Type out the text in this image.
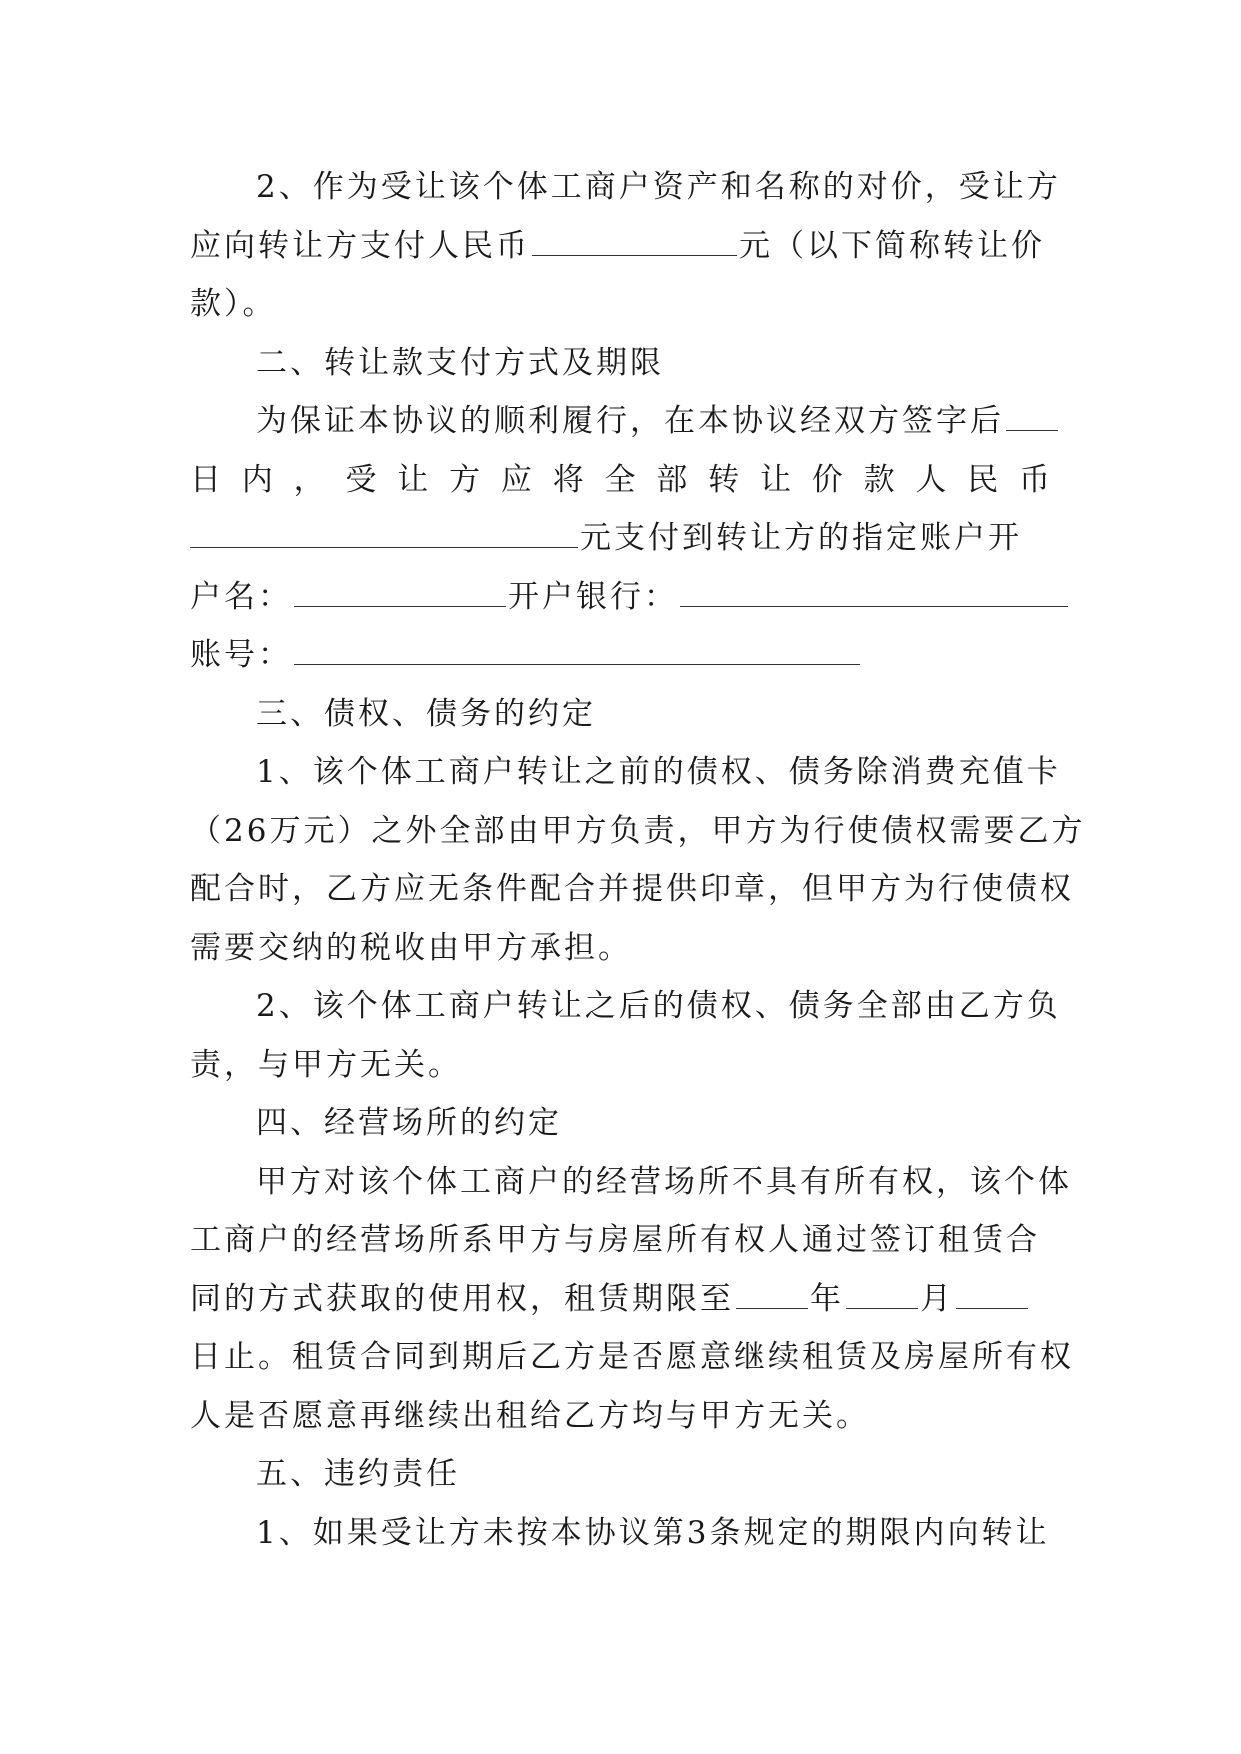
2、作为受让该个体工商户资产和名称的对价，受让方
应向转让方支付人民币	元（以下简称转让价
款）。
二、转让款支付方式及期限
为保证本协议的顺利履行，在本协议经双方签字后
日 内 ， 受 让 方 应 将 全 部 转 让 价 款 人 民 币
元支付到转让方的指定账户开
户名：	开户银行：
账号：
三、债权、债务的约定
1、该个体工商户转让之前的债权、债务除消费充值卡
（26万元）之外全部由甲方负责，甲方为行使债权需要乙方
配合时，乙方应无条件配合并提供印章，但甲方为行使债权
需要交纳的税收由甲方承担。
2、该个体工商户转让之后的债权、债务全部由乙方负
责，与甲方无关。
四、经营场所的约定
甲方对该个体工商户的经营场所不具有所有权，该个体
工商户的经营场所系甲方与房屋所有权人通过签订租赁合
同的方式获取的使用权，租赁期限至 年 月
日止。租赁合同到期后乙方是否愿意继续租赁及房屋所有权
人是否愿意再继续出租给乙方均与甲方无关。
五、违约责任
1、如果受让方未按本协议第3条规定的期限内向转让
